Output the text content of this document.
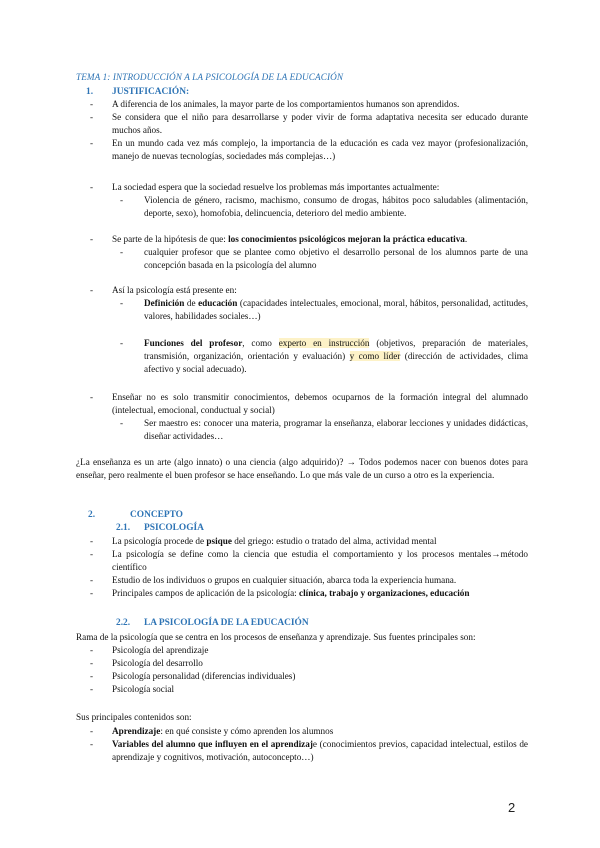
TEMA 1: INTRODUCCIÓN A LA PSICOLOGÍA DE LA EDUCACIÓN

1. JUSTIFICACIÓN:

- A diferencia de los animales, la mayor parte de los comportamientos humanos son aprendidos.

- Se considera que el niño para desarrollarse y poder vivir de forma adaptativa necesita ser educado durante muchos años.

- En un mundo cada vez más complejo, la importancia de la educación es cada vez mayor (profesionalización, manejo de nuevas tecnologías, sociedades más complejas…)

- La sociedad espera que la sociedad resuelve los problemas más importantes actualmente:

- Violencia de género, racismo, machismo, consumo de drogas, hábitos poco saludables (alimentación, deporte, sexo), homofobia, delincuencia, deterioro del medio ambiente.

- Se parte de la hipótesis de que: los conocimientos psicológicos mejoran la práctica educativa.

- cualquier profesor que se plantee como objetivo el desarrollo personal de los alumnos parte de una concepción basada en la psicología del alumno

- Así la psicología está presente en:

- Definición de educación (capacidades intelectuales, emocional, moral, hábitos, personalidad, actitudes, valores, habilidades sociales…)

- Funciones del profesor, como experto en instrucción (objetivos, preparación de materiales, transmisión, organización, orientación y evaluación) y como líder (dirección de actividades, clima afectivo y social adecuado).

- Enseñar no es solo transmitir conocimientos, debemos ocuparnos de la formación integral del alumnado (intelectual, emocional, conductual y social)

- Ser maestro es: conocer una materia, programar la enseñanza, elaborar lecciones y unidades didácticas, diseñar actividades…

¿La enseñanza es un arte (algo innato) o una ciencia (algo adquirido)? → Todos podemos nacer con buenos dotes para enseñar, pero realmente el buen profesor se hace enseñando. Lo que más vale de un curso a otro es la experiencia.

2.	CONCEPTO

2.1. PSICOLOGÍA

- La psicología procede de psique del griego: estudio o tratado del alma, actividad mental

- La psicología se define como la ciencia que estudia el comportamiento y los procesos mentales→método científico

- Estudio de los individuos o grupos en cualquier situación, abarca toda la experiencia humana.

- Principales campos de aplicación de la psicología: clínica, trabajo y organizaciones, educación

2.2. LA PSICOLOGÍA DE LA EDUCACIÓN

Rama de la psicología que se centra en los procesos de enseñanza y aprendizaje. Sus fuentes principales son:

- Psicología del aprendizaje

- Psicología del desarrollo

- Psicología personalidad (diferencias individuales)

- Psicología social

Sus principales contenidos son:

- Aprendizaje: en qué consiste y cómo aprenden los alumnos

- Variables del alumno que influyen en el aprendizaje (conocimientos previos, capacidad intelectual, estilos de aprendizaje y cognitivos, motivación, autoconcepto…)

2
